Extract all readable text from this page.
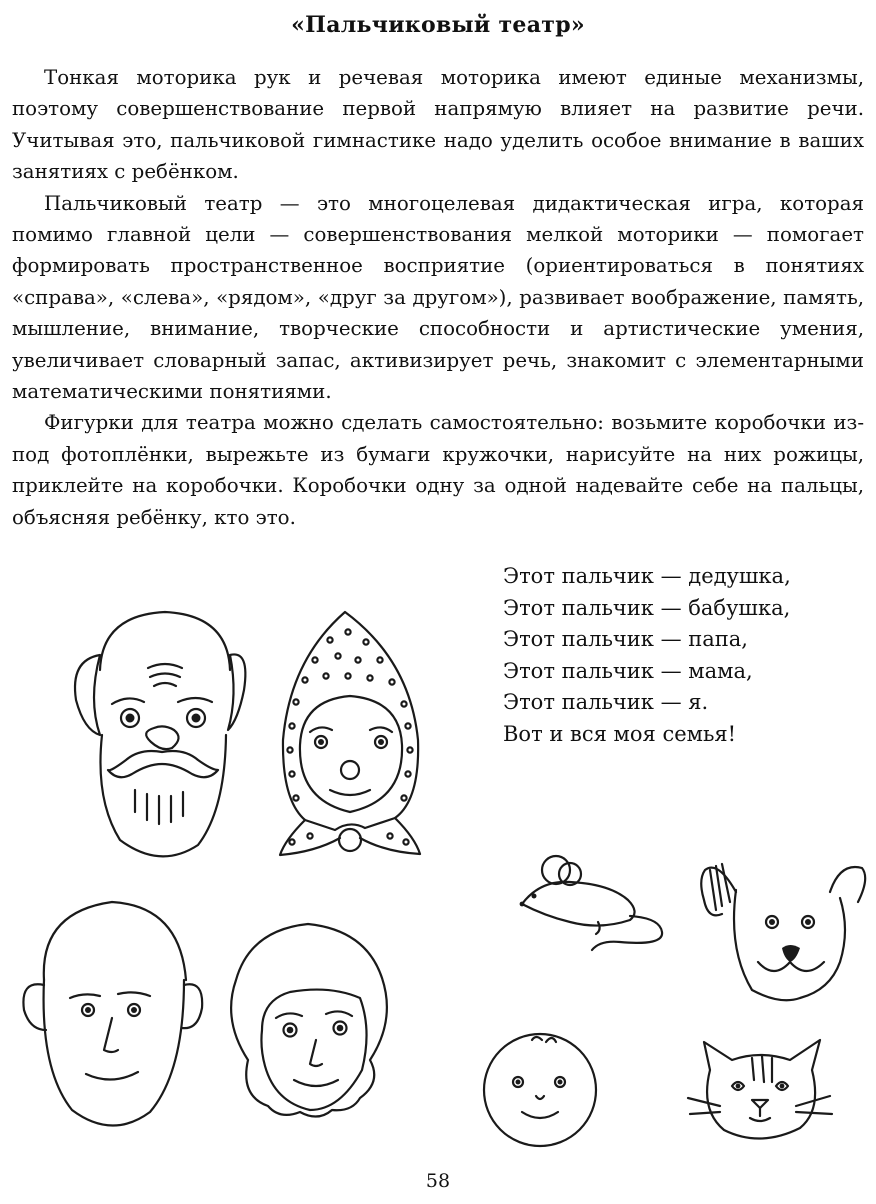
«Пальчиковый театр»

Тонкая моторика рук и речевая моторика имеют единые механизмы, поэтому совершенствование первой напрямую влияет на развитие речи. Учитывая это, пальчиковой гимнастике надо уделить особое внимание в ваших занятиях с ребёнком.

Пальчиковый театр — это многоцелевая дидактическая игра, которая помимо главной цели — совершенствования мелкой моторики — помогает формировать пространственное восприятие (ориентироваться в понятиях «справа», «слева», «рядом», «друг за другом»), развивает воображение, память, мышление, внимание, творческие способности и артистические умения, увеличивает словарный запас, активизирует речь, знакомит с элементарными математическими понятиями.

Фигурки для театра можно сделать самостоятельно: возьмите коробочки из-под фотоплёнки, вырежьте из бумаги кружочки, нарисуйте на них рожицы, приклейте на коробочки. Коробочки одну за одной надевайте себе на пальцы, объясняя ребёнку, кто это.

Этот пальчик — дедушка,
Этот пальчик — бабушка,
Этот пальчик — папа,
Этот пальчик — мама,
Этот пальчик — я.
Вот и вся моя семья!
58
